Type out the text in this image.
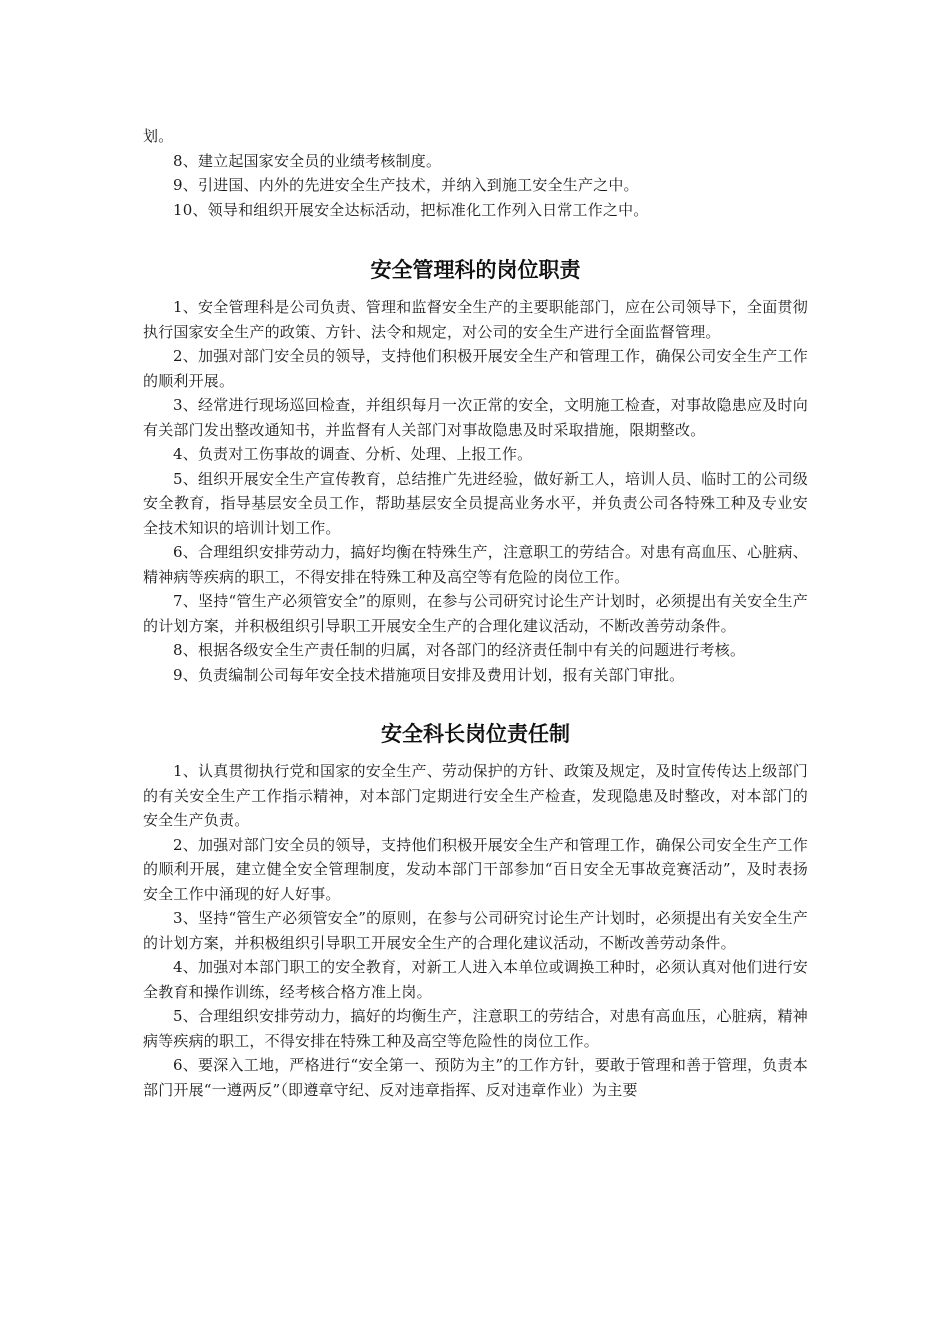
划。

8、建立起国家安全员的业绩考核制度。

9、引进国、内外的先进安全生产技术，并纳入到施工安全生产之中。

10、领导和组织开展安全达标活动，把标准化工作列入日常工作之中。

安全管理科的岗位职责

1、安全管理科是公司负责、管理和监督安全生产的主要职能部门，应在公司领导下，全面贯彻执行国家安全生产的政策、方针、法令和规定，对公司的安全生产进行全面监督管理。

2、加强对部门安全员的领导，支持他们积极开展安全生产和管理工作，确保公司安全生产工作的顺利开展。

3、经常进行现场巡回检查，并组织每月一次正常的安全，文明施工检查，对事故隐患应及时向有关部门发出整改通知书，并监督有人关部门对事故隐患及时采取措施，限期整改。

4、负责对工伤事故的调查、分析、处理、上报工作。

5、组织开展安全生产宣传教育，总结推广先进经验，做好新工人，培训人员、临时工的公司级安全教育，指导基层安全员工作，帮助基层安全员提高业务水平，并负责公司各特殊工种及专业安全技术知识的培训计划工作。

6、合理组织安排劳动力，搞好均衡在特殊生产，注意职工的劳结合。对患有高血压、心脏病、精神病等疾病的职工，不得安排在特殊工种及高空等有危险的岗位工作。

7、坚持“管生产必须管安全”的原则，在参与公司研究讨论生产计划时，必须提出有关安全生产的计划方案，并积极组织引导职工开展安全生产的合理化建议活动，不断改善劳动条件。

8、根据各级安全生产责任制的归属，对各部门的经济责任制中有关的问题进行考核。

9、负责编制公司每年安全技术措施项目安排及费用计划，报有关部门审批。

安全科长岗位责任制

1、认真贯彻执行党和国家的安全生产、劳动保护的方针、政策及规定，及时宣传传达上级部门的有关安全生产工作指示精神，对本部门定期进行安全生产检查，发现隐患及时整改，对本部门的安全生产负责。

2、加强对部门安全员的领导，支持他们积极开展安全生产和管理工作，确保公司安全生产工作的顺利开展，建立健全安全管理制度，发动本部门干部参加“百日安全无事故竞赛活动”，及时表扬安全工作中涌现的好人好事。

3、坚持“管生产必须管安全”的原则，在参与公司研究讨论生产计划时，必须提出有关安全生产的计划方案，并积极组织引导职工开展安全生产的合理化建议活动，不断改善劳动条件。

4、加强对本部门职工的安全教育，对新工人进入本单位或调换工种时，必须认真对他们进行安全教育和操作训练，经考核合格方准上岗。

5、合理组织安排劳动力，搞好的均衡生产，注意职工的劳结合，对患有高血压，心脏病，精神病等疾病的职工，不得安排在特殊工种及高空等危险性的岗位工作。

6、要深入工地，严格进行“安全第一、预防为主”的工作方针，要敢于管理和善于管理，负责本部门开展“一遵两反”（即遵章守纪、反对违章指挥、反对违章作业）为主要
